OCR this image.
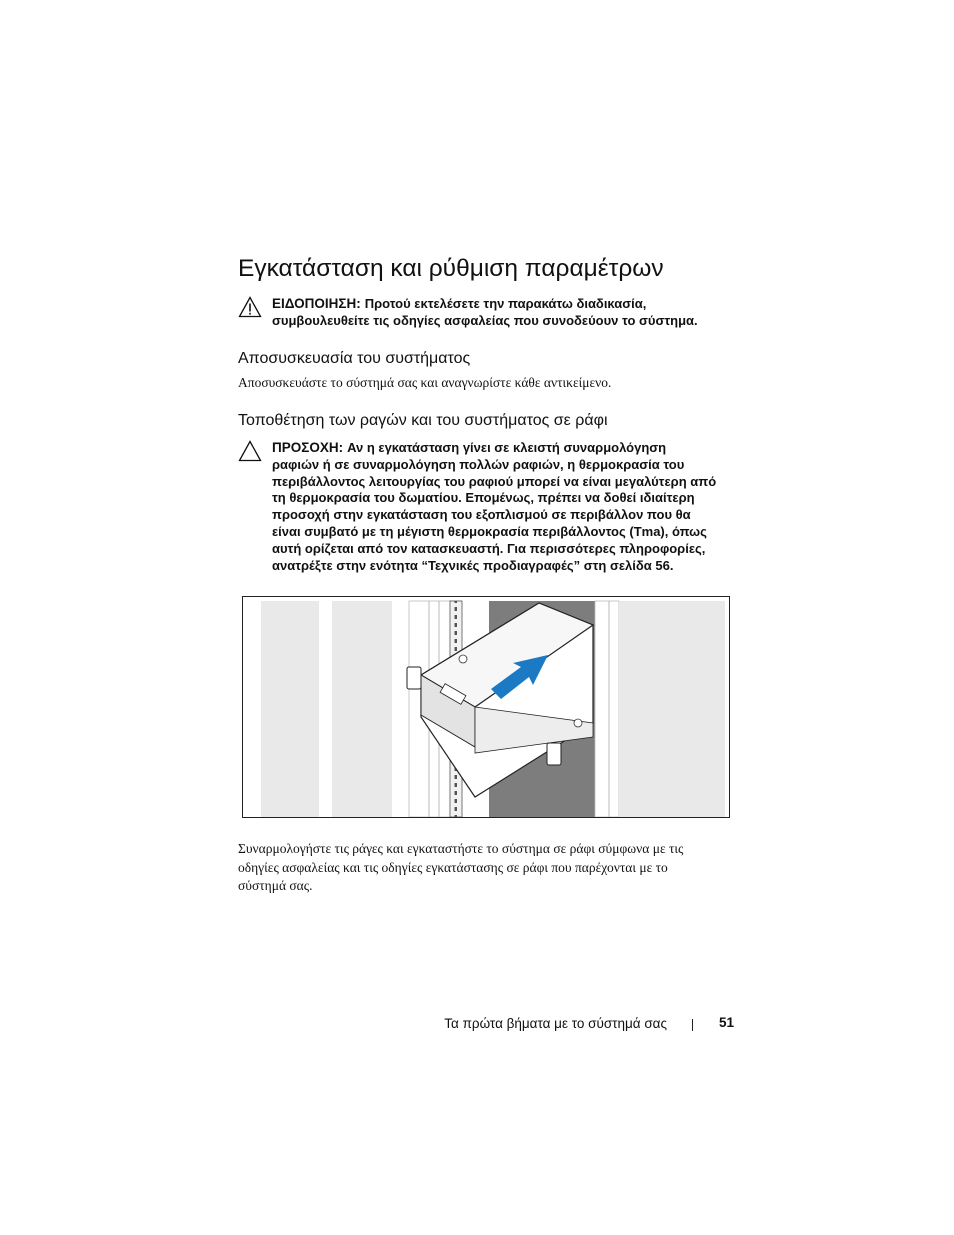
Εγκατάσταση και ρύθμιση παραμέτρων
ΕΙΔΟΠΟΙΗΣΗ: Προτού εκτελέσετε την παρακάτω διαδικασία,
συμβουλευθείτε τις οδηγίες ασφαλείας που συνοδεύουν το σύστημα.
Αποσυσκευασία του συστήματος

Αποσυσκευάστε το σύστημά σας και αναγνωρίστε κάθε αντικείμενο.

Τοποθέτηση των ραγών και του συστήματος σε ράφι
ΠΡΟΣΟΧΗ: Αν η εγκατάσταση γίνει σε κλειστή συναρμολόγηση
ραφιών ή σε συναρμολόγηση πολλών ραφιών, η θερμοκρασία του
περιβάλλοντος λειτουργίας του ραφιού μπορεί να είναι μεγαλύτερη από
τη θερμοκρασία του δωματίου. Επομένως, πρέπει να δοθεί ιδιαίτερη
προσοχή στην εγκατάσταση του εξοπλισμού σε περιβάλλον που θα
είναι συμβατό με τη μέγιστη θερμοκρασία περιβάλλοντος (Tma), όπως
αυτή ορίζεται από τον κατασκευαστή. Για περισσότερες πληροφορίες,
ανατρέξτε στην ενότητα “Τεχνικές προδιαγραφές” στη σελίδα 56.
Συναρμολογήστε τις ράγες και εγκαταστήστε το σύστημα σε ράφι σύμφωνα με τις
οδηγίες ασφαλείας και τις οδηγίες εγκατάστασης σε ράφι που παρέχονται με το
σύστημά σας.
Τα πρώτα βήματα με το σύστημά σας	51
